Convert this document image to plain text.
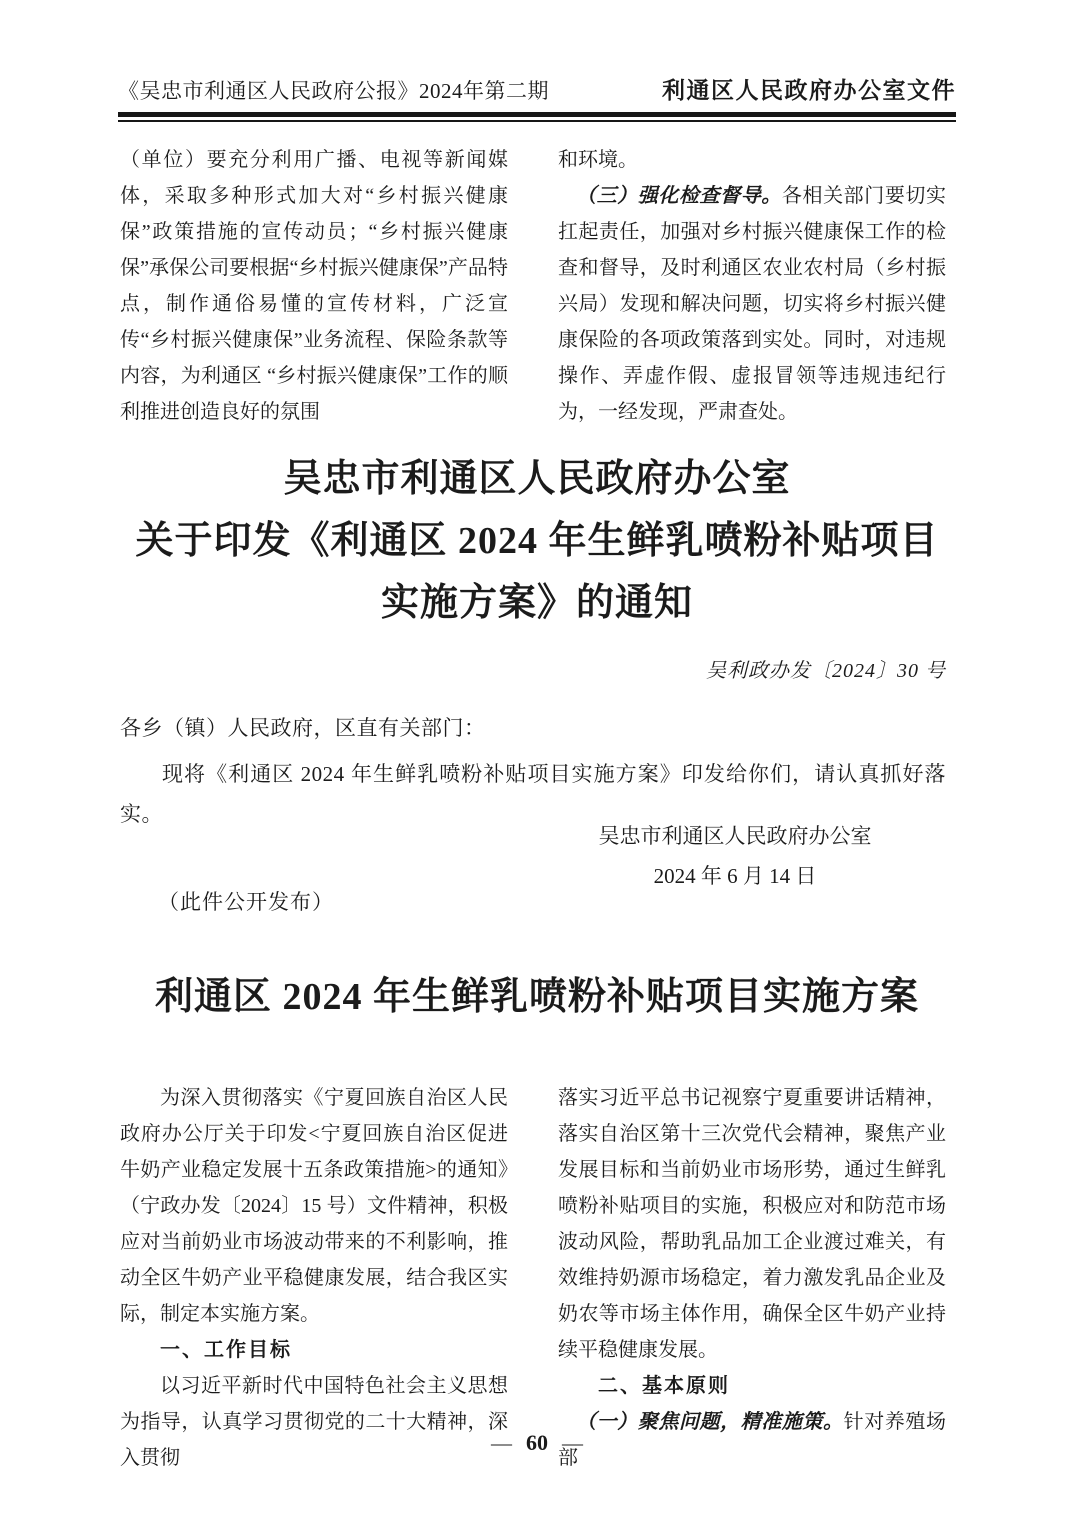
《吴忠市利通区人民政府公报》2024年第二期	利通区人民政府办公室文件

（单位）要充分利用广播、电视等新闻媒体，采取多种形式加大对“乡村振兴健康保”政策措施的宣传动员；“乡村振兴健康保”承保公司要根据“乡村振兴健康保”产品特点，制作通俗易懂的宣传材料，广泛宣传“乡村振兴健康保”业务流程、保险条款等内容，为利通区 “乡村振兴健康保”工作的顺利推进创造良好的氛围

和环境。

（三）强化检查督导。各相关部门要切实扛起责任，加强对乡村振兴健康保工作的检查和督导，及时利通区农业农村局（乡村振兴局）发现和解决问题，切实将乡村振兴健康保险的各项政策落到实处。同时，对违规操作、弄虚作假、虚报冒领等违规违纪行为，一经发现，严肃查处。

吴忠市利通区人民政府办公室
关于印发《利通区 2024 年生鲜乳喷粉补贴项目
实施方案》的通知
吴利政办发〔2024〕30 号
各乡（镇）人民政府，区直有关部门：
现将《利通区 2024 年生鲜乳喷粉补贴项目实施方案》印发给你们，请认真抓好落实。
吴忠市利通区人民政府办公室
2024 年 6 月 14 日
（此件公开发布）
利通区 2024 年生鲜乳喷粉补贴项目实施方案

为深入贯彻落实《宁夏回族自治区人民政府办公厅关于印发<宁夏回族自治区促进牛奶产业稳定发展十五条政策措施>的通知》（宁政办发〔2024〕15 号）文件精神，积极应对当前奶业市场波动带来的不利影响，推动全区牛奶产业平稳健康发展，结合我区实际，制定本实施方案。

一、工作目标

以习近平新时代中国特色社会主义思想为指导，认真学习贯彻党的二十大精神，深入贯彻

落实习近平总书记视察宁夏重要讲话精神，落实自治区第十三次党代会精神，聚焦产业发展目标和当前奶业市场形势，通过生鲜乳喷粉补贴项目的实施，积极应对和防范市场波动风险，帮助乳品加工企业渡过难关，有效维持奶源市场稳定，着力激发乳品企业及奶农等市场主体作用，确保全区牛奶产业持续平稳健康发展。

二、基本原则

（一）聚焦问题，精准施策。针对养殖场部

— 60 —
